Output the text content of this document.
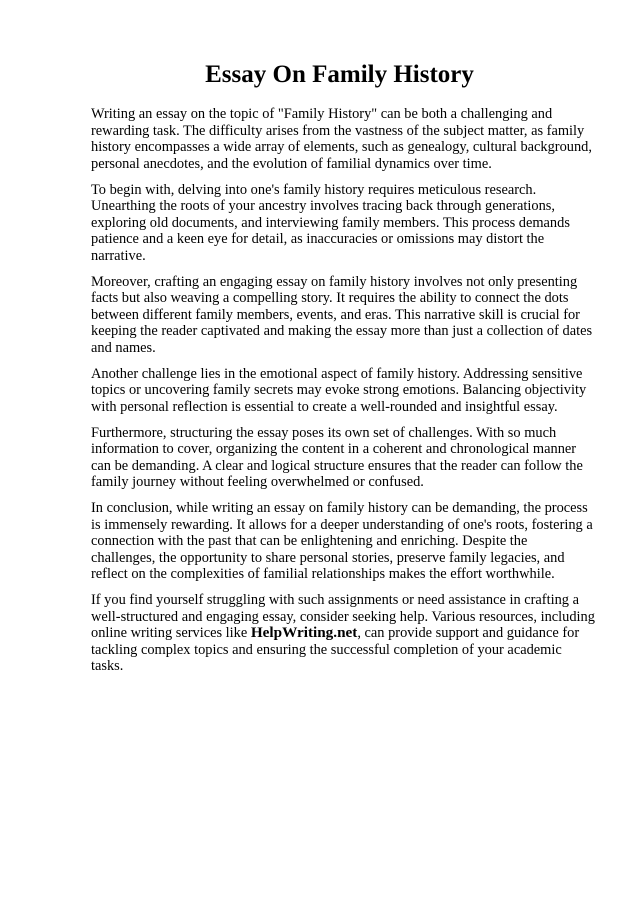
Essay On Family History

Writing an essay on the topic of "Family History" can be both a challenging and rewarding task. The difficulty arises from the vastness of the subject matter, as family history encompasses a wide array of elements, such as genealogy, cultural background, personal anecdotes, and the evolution of familial dynamics over time.

To begin with, delving into one's family history requires meticulous research. Unearthing the roots of your ancestry involves tracing back through generations, exploring old documents, and interviewing family members. This process demands patience and a keen eye for detail, as inaccuracies or omissions may distort the narrative.

Moreover, crafting an engaging essay on family history involves not only presenting facts but also weaving a compelling story. It requires the ability to connect the dots between different family members, events, and eras. This narrative skill is crucial for keeping the reader captivated and making the essay more than just a collection of dates and names.

Another challenge lies in the emotional aspect of family history. Addressing sensitive topics or uncovering family secrets may evoke strong emotions. Balancing objectivity with personal reflection is essential to create a well-rounded and insightful essay.

Furthermore, structuring the essay poses its own set of challenges. With so much information to cover, organizing the content in a coherent and chronological manner can be demanding. A clear and logical structure ensures that the reader can follow the family journey without feeling overwhelmed or confused.

In conclusion, while writing an essay on family history can be demanding, the process is immensely rewarding. It allows for a deeper understanding of one's roots, fostering a connection with the past that can be enlightening and enriching. Despite the challenges, the opportunity to share personal stories, preserve family legacies, and reflect on the complexities of familial relationships makes the effort worthwhile.

If you find yourself struggling with such assignments or need assistance in crafting a well-structured and engaging essay, consider seeking help. Various resources, including online writing services like HelpWriting.net, can provide support and guidance for tackling complex topics and ensuring the successful completion of your academic tasks.
